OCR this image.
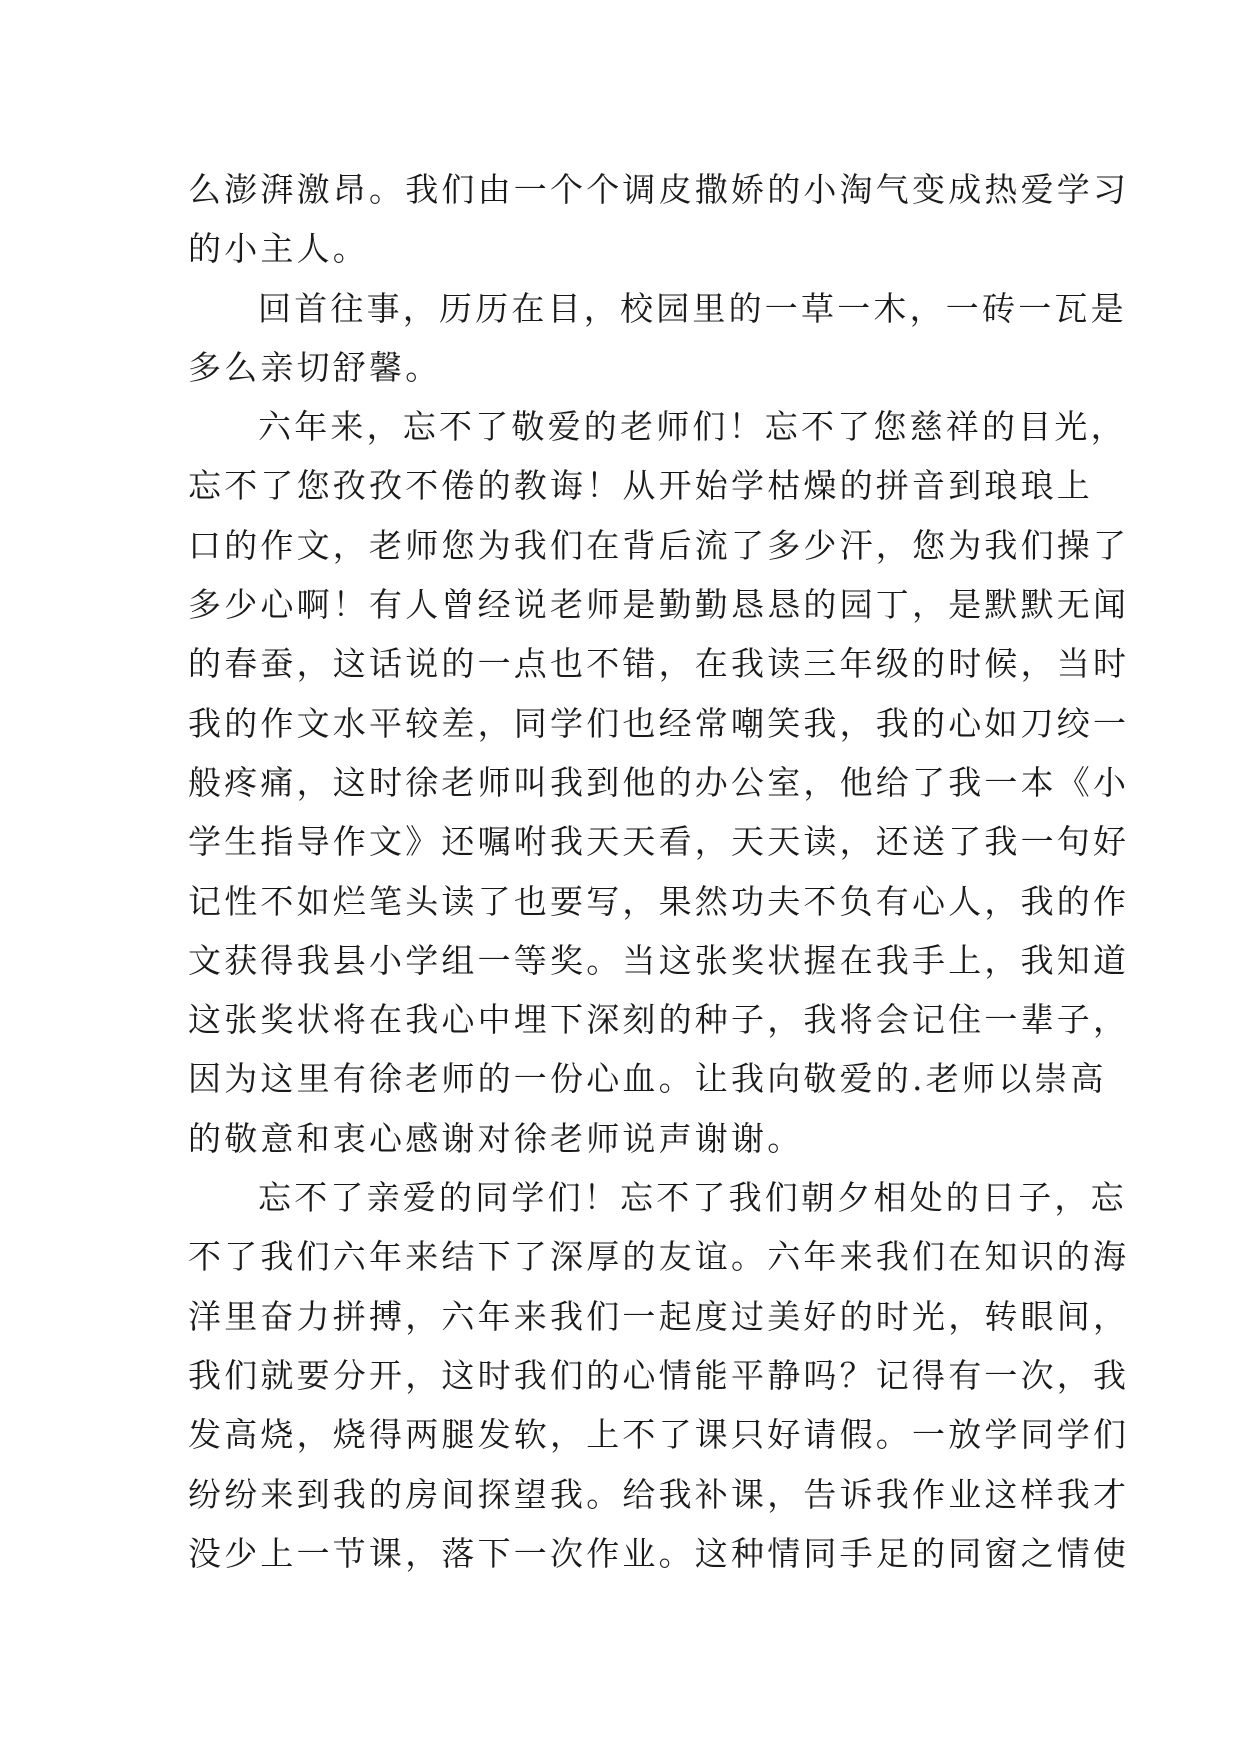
么澎湃激昂。我们由一个个调皮撒娇的小淘气变成热爱学习
的小主人。
回首往事，历历在目，校园里的一草一木，一砖一瓦是
多么亲切舒馨。
六年来，忘不了敬爱的老师们！忘不了您慈祥的目光，
忘不了您孜孜不倦的教诲！从开始学枯燥的拼音到琅琅上
口的作文，老师您为我们在背后流了多少汗，您为我们操了
多少心啊！有人曾经说老师是勤勤恳恳的园丁，是默默无闻
的春蚕，这话说的一点也不错，在我读三年级的时候，当时
我的作文水平较差，同学们也经常嘲笑我，我的心如刀绞一
般疼痛，这时徐老师叫我到他的办公室，他给了我一本《小
学生指导作文》还嘱咐我天天看，天天读，还送了我一句好
记性不如烂笔头读了也要写，果然功夫不负有心人，我的作
文获得我县小学组一等奖。当这张奖状握在我手上，我知道
这张奖状将在我心中埋下深刻的种子，我将会记住一辈子，
因为这里有徐老师的一份心血。让我向敬爱的.老师以崇高
的敬意和衷心感谢对徐老师说声谢谢。
忘不了亲爱的同学们！忘不了我们朝夕相处的日子，忘
不了我们六年来结下了深厚的友谊。六年来我们在知识的海
洋里奋力拼搏，六年来我们一起度过美好的时光，转眼间，
我们就要分开，这时我们的心情能平静吗？记得有一次，我
发高烧，烧得两腿发软，上不了课只好请假。一放学同学们
纷纷来到我的房间探望我。给我补课，告诉我作业这样我才
没少上一节课，落下一次作业。这种情同手足的同窗之情使
